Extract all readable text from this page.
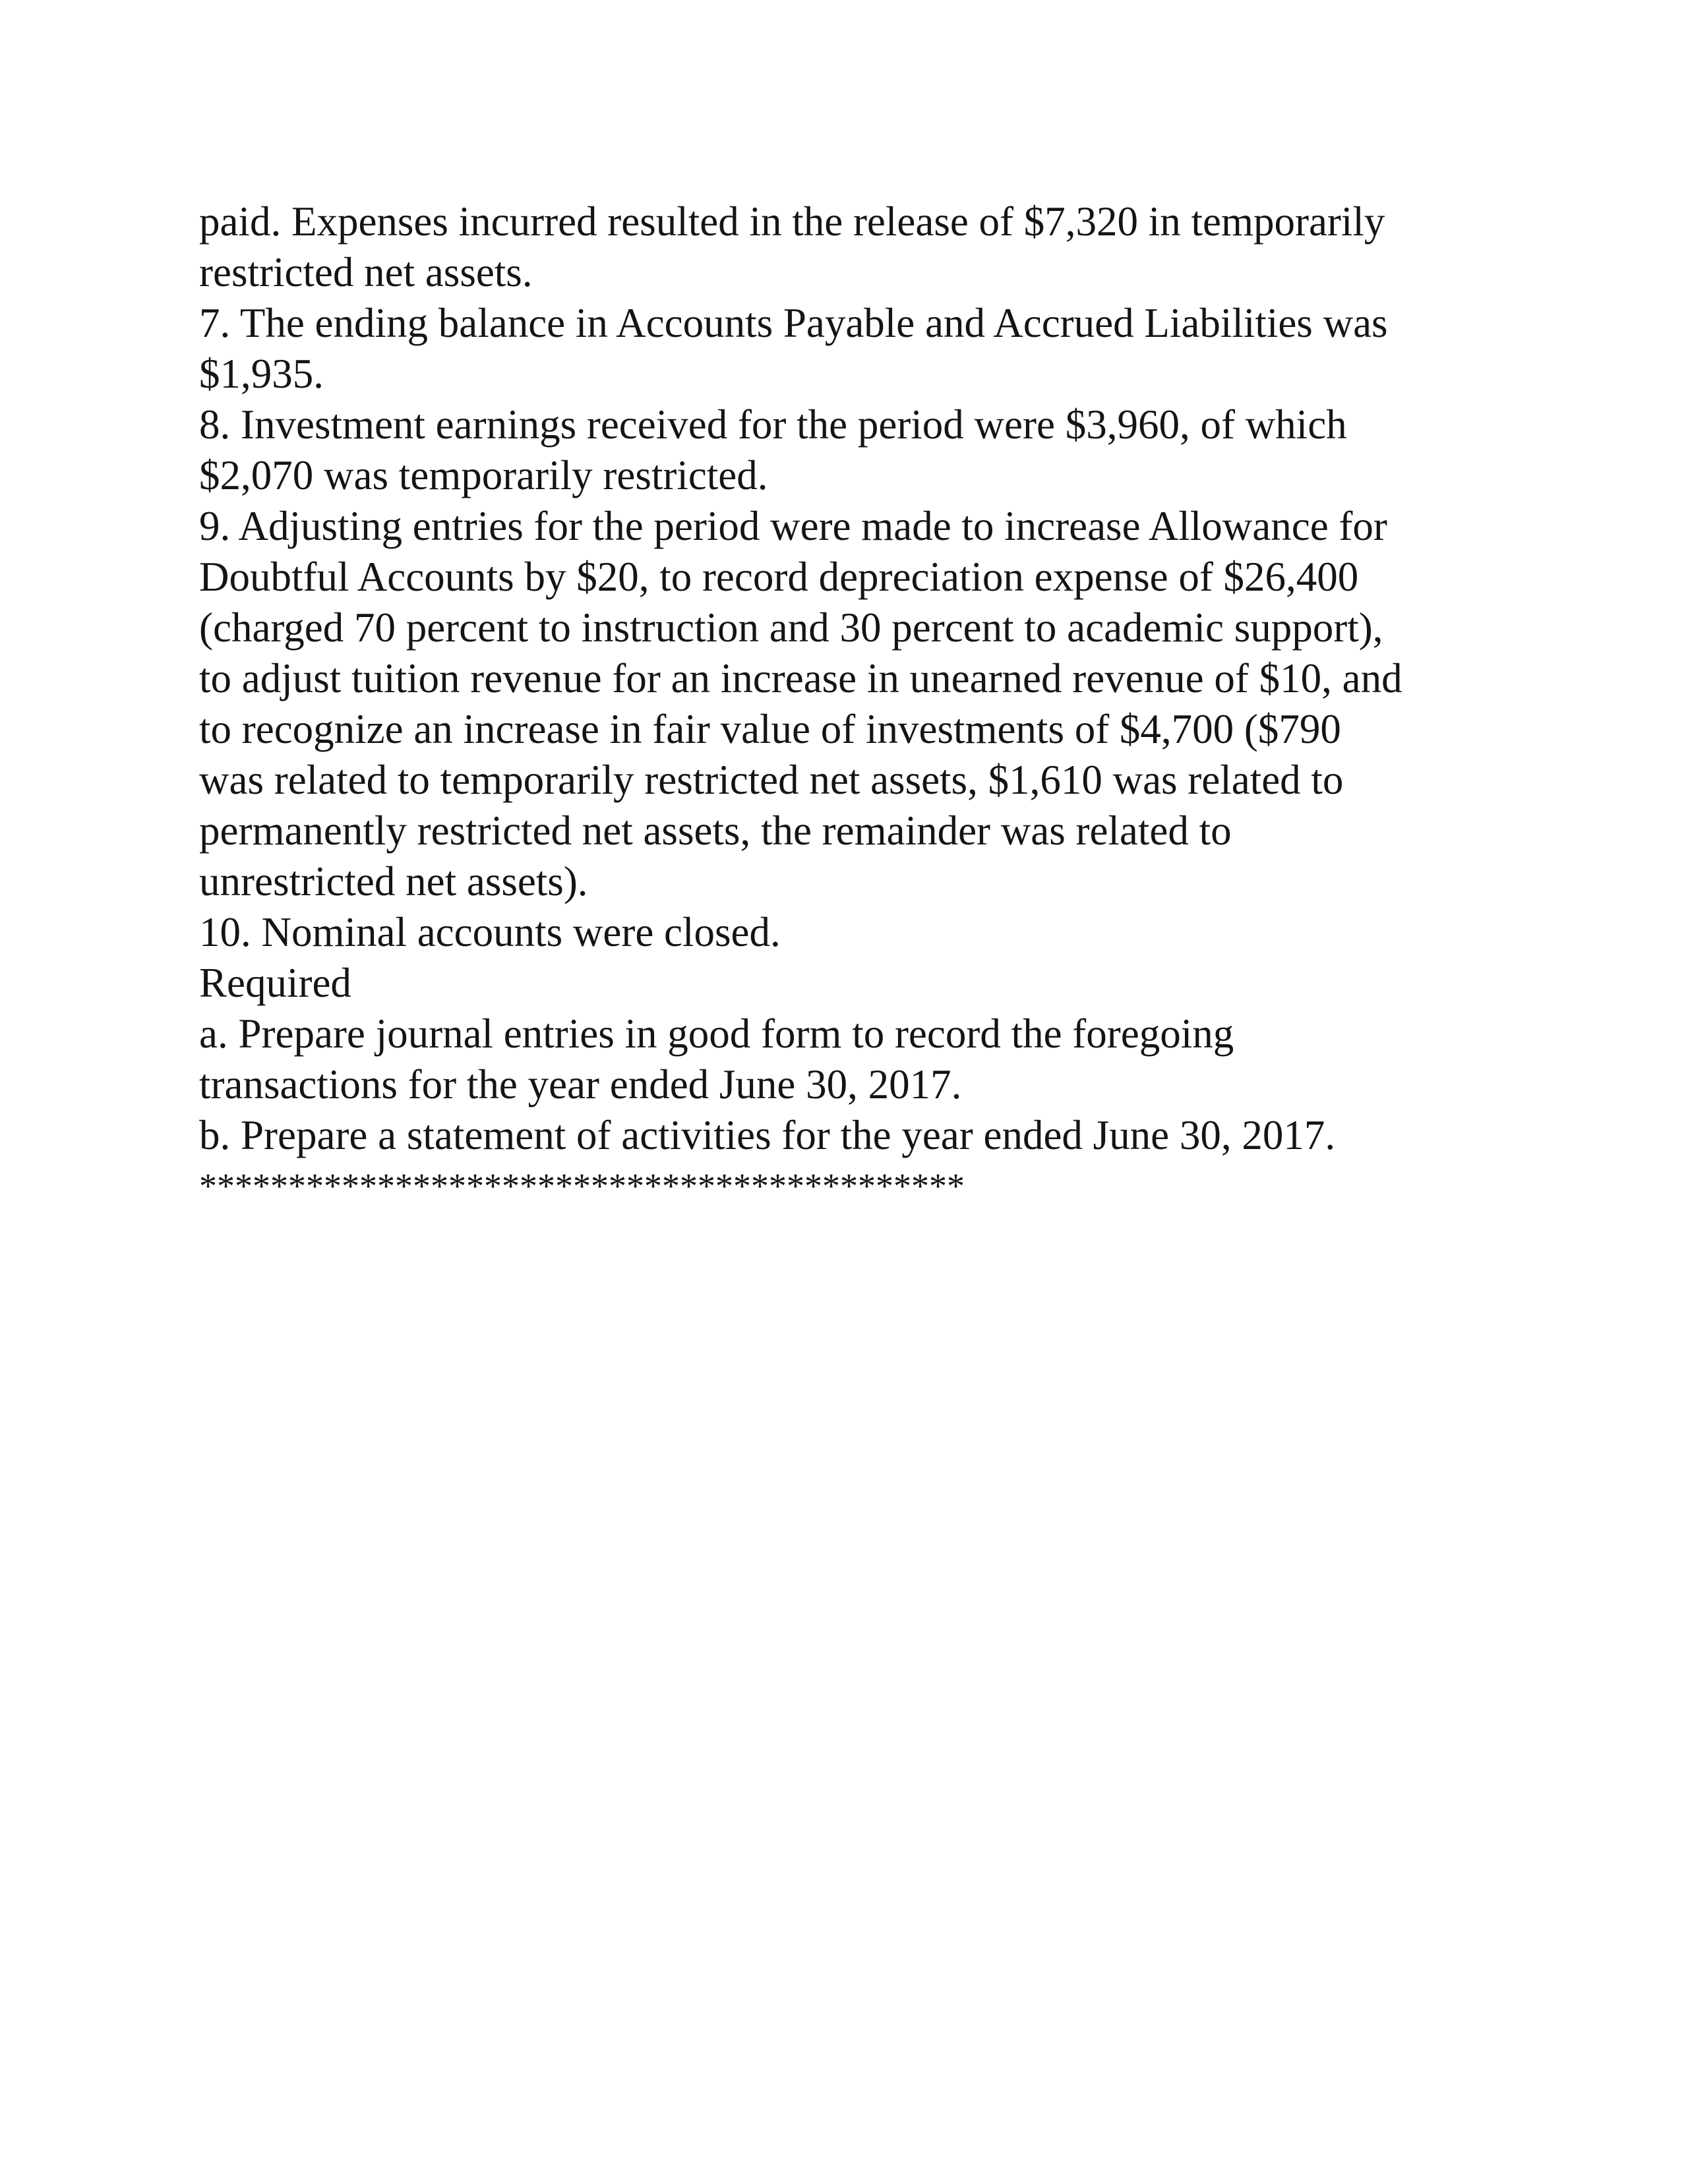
paid. Expenses incurred resulted in the release of $7,320 in temporarily
restricted net assets.
7. The ending balance in Accounts Payable and Accrued Liabilities was
$1,935.
8. Investment earnings received for the period were $3,960, of which
$2,070 was temporarily restricted.
9. Adjusting entries for the period were made to increase Allowance for
Doubtful Accounts by $20, to record depreciation expense of $26,400
(charged 70 percent to instruction and 30 percent to academic support),
to adjust tuition revenue for an increase in unearned revenue of $10, and
to recognize an increase in fair value of investments of $4,700 ($790
was related to temporarily restricted net assets, $1,610 was related to
permanently restricted net assets, the remainder was related to
unrestricted net assets).
10. Nominal accounts were closed.
Required
a. Prepare journal entries in good form to record the foregoing
transactions for the year ended June 30, 2017.
b. Prepare a statement of activities for the year ended June 30, 2017.
*******************************************
